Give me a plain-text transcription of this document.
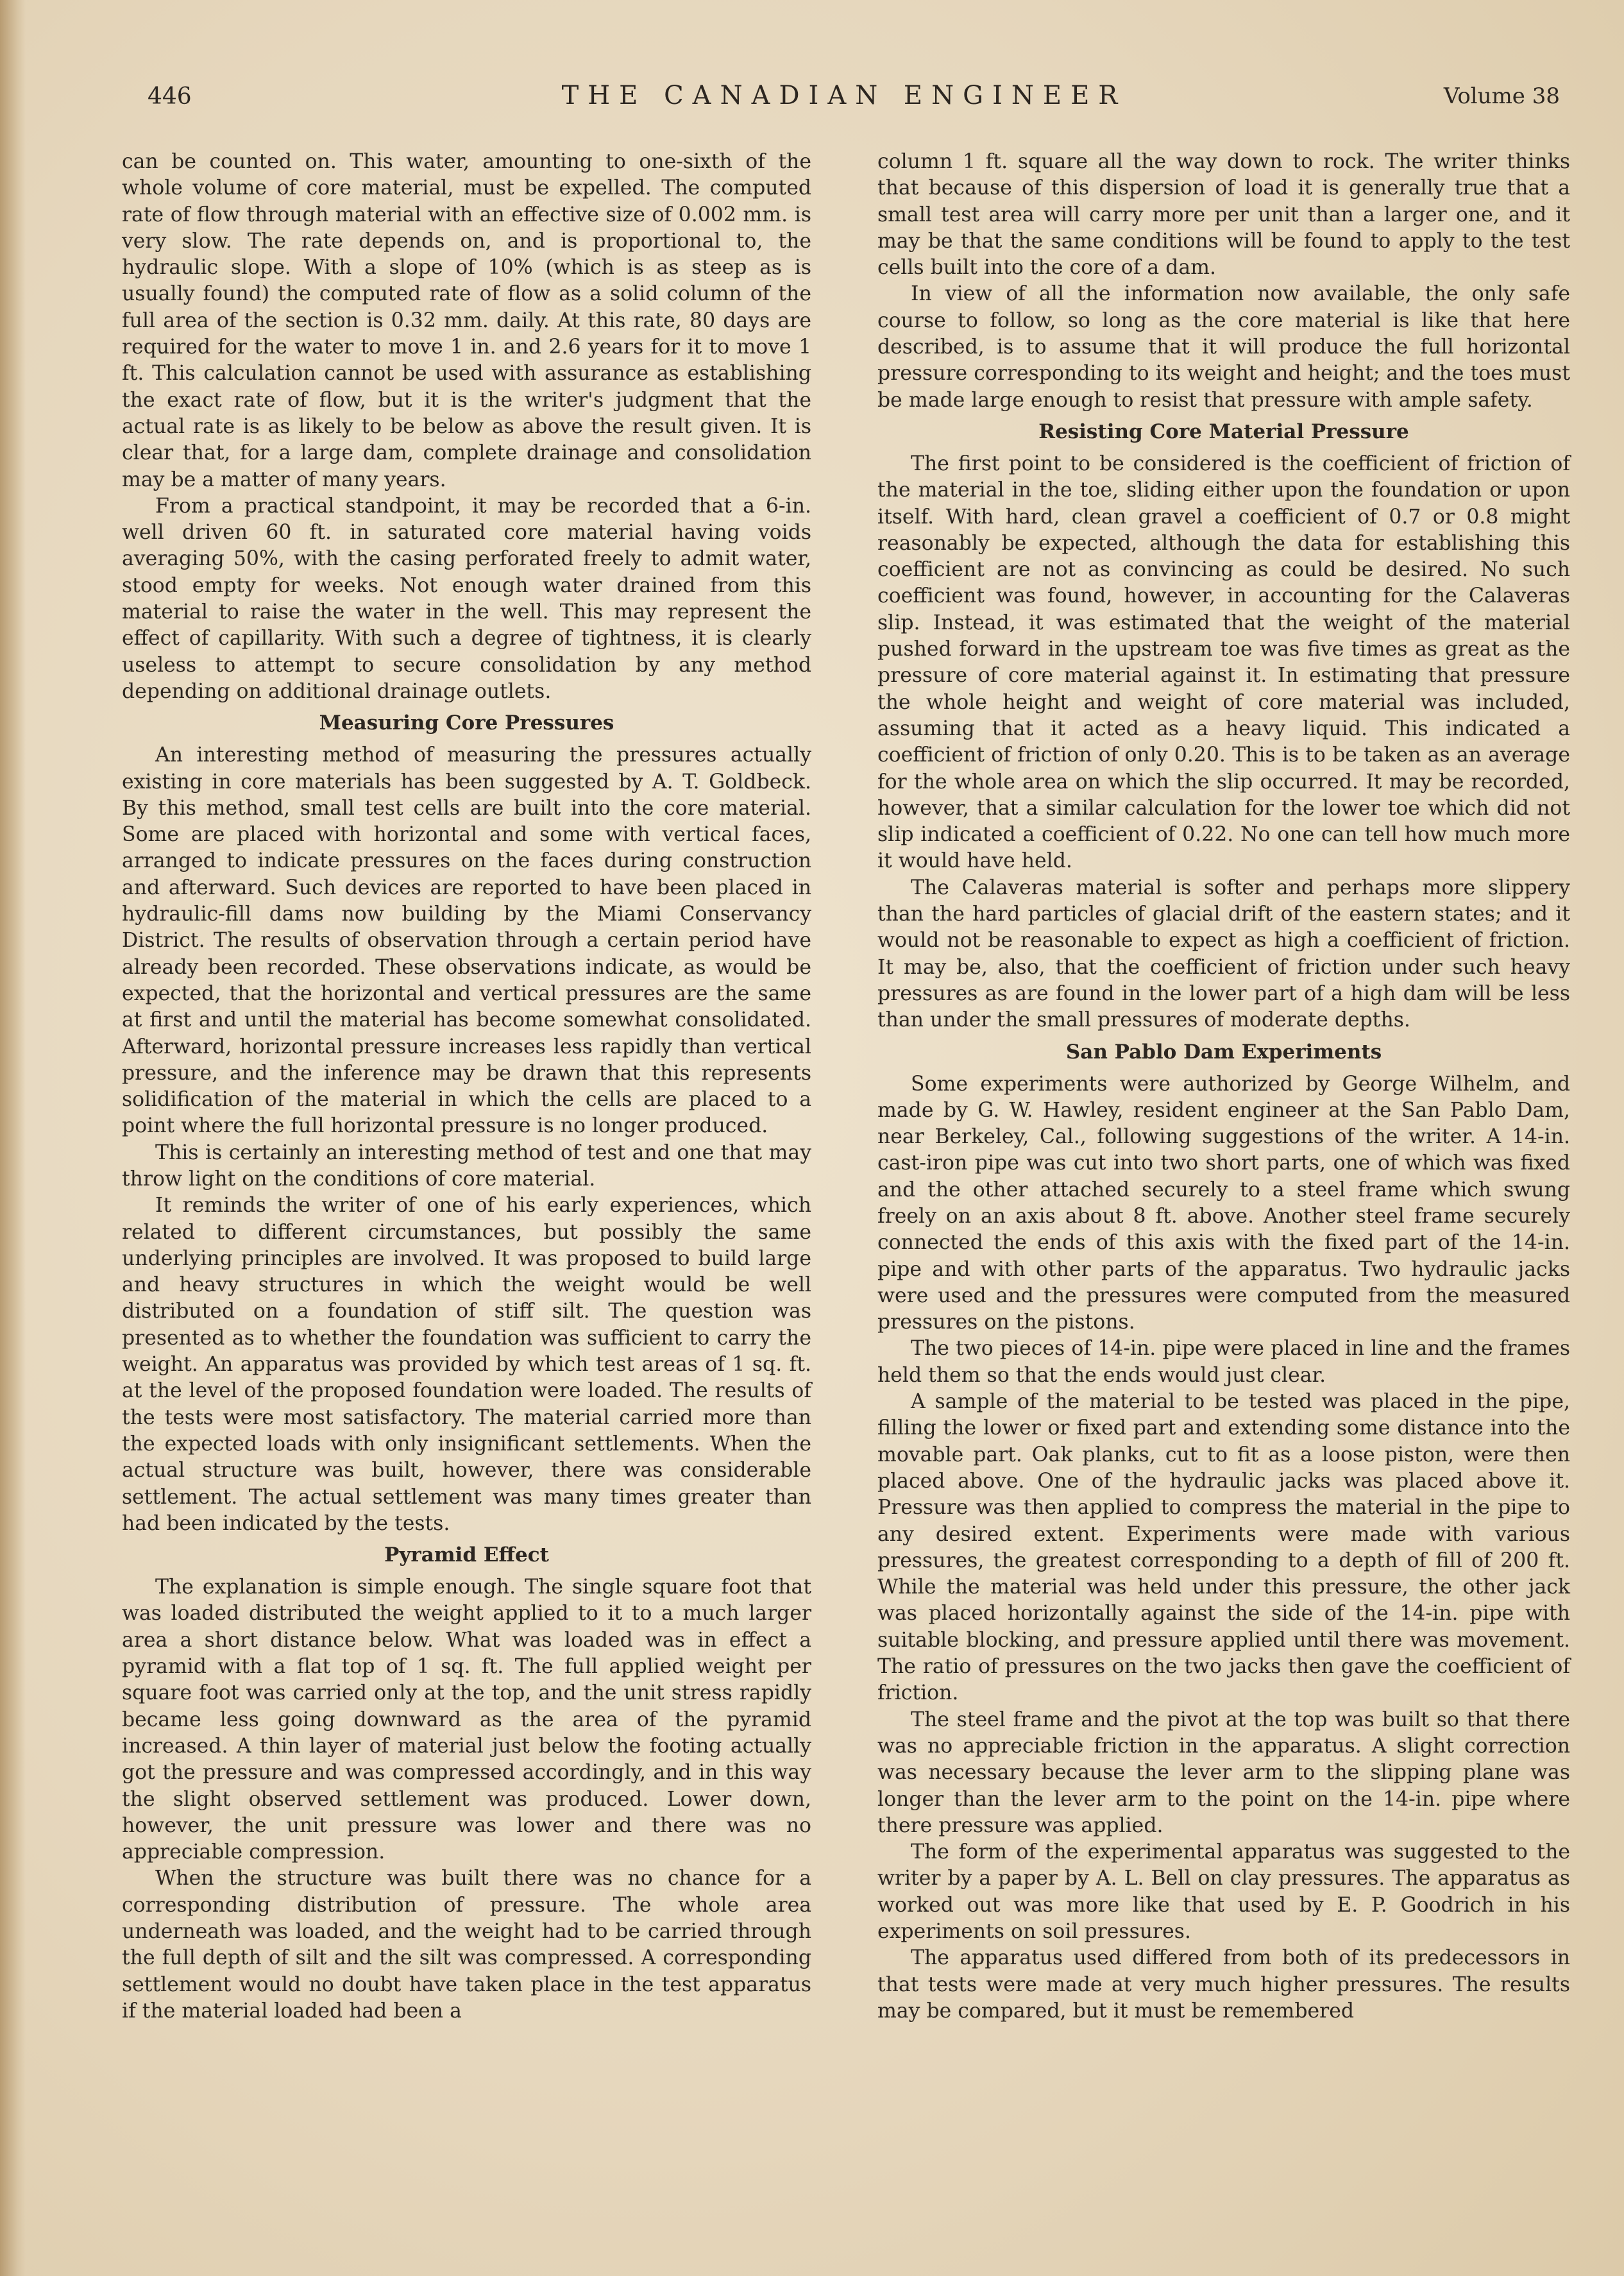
446	THE CANADIAN ENGINEER	Volume 38

can be counted on. This water, amounting to one-sixth of the whole volume of core material, must be expelled. The computed rate of flow through material with an effective size of 0.002 mm. is very slow. The rate depends on, and is proportional to, the hydraulic slope. With a slope of 10% (which is as steep as is usually found) the computed rate of flow as a solid column of the full area of the section is 0.32 mm. daily. At this rate, 80 days are required for the water to move 1 in. and 2.6 years for it to move 1 ft. This calculation cannot be used with assurance as establishing the exact rate of flow, but it is the writer's judgment that the actual rate is as likely to be below as above the result given. It is clear that, for a large dam, complete drainage and consolidation may be a matter of many years.

From a practical standpoint, it may be recorded that a 6-in. well driven 60 ft. in saturated core material having voids averaging 50%, with the casing perforated freely to admit water, stood empty for weeks. Not enough water drained from this material to raise the water in the well. This may represent the effect of capillarity. With such a degree of tightness, it is clearly useless to attempt to secure consolidation by any method depending on additional drainage outlets.

Measuring Core Pressures

An interesting method of measuring the pressures actually existing in core materials has been suggested by A. T. Goldbeck. By this method, small test cells are built into the core material. Some are placed with horizontal and some with vertical faces, arranged to indicate pressures on the faces during construction and afterward. Such devices are reported to have been placed in hydraulic-fill dams now building by the Miami Conservancy District. The results of observation through a certain period have already been recorded. These observations indicate, as would be expected, that the horizontal and vertical pressures are the same at first and until the material has become somewhat consolidated. Afterward, horizontal pressure increases less rapidly than vertical pressure, and the inference may be drawn that this represents solidification of the material in which the cells are placed to a point where the full horizontal pressure is no longer produced.

This is certainly an interesting method of test and one that may throw light on the conditions of core material.

It reminds the writer of one of his early experiences, which related to different circumstances, but possibly the same underlying principles are involved. It was proposed to build large and heavy structures in which the weight would be well distributed on a foundation of stiff silt. The question was presented as to whether the foundation was sufficient to carry the weight. An apparatus was provided by which test areas of 1 sq. ft. at the level of the proposed foundation were loaded. The results of the tests were most satisfactory. The material carried more than the expected loads with only insignificant settlements. When the actual structure was built, however, there was considerable settlement. The actual settlement was many times greater than had been indicated by the tests.

Pyramid Effect

The explanation is simple enough. The single square foot that was loaded distributed the weight applied to it to a much larger area a short distance below. What was loaded was in effect a pyramid with a flat top of 1 sq. ft. The full applied weight per square foot was carried only at the top, and the unit stress rapidly became less going downward as the area of the pyramid increased. A thin layer of material just below the footing actually got the pressure and was compressed accordingly, and in this way the slight observed settlement was produced. Lower down, however, the unit pressure was lower and there was no appreciable compression.

When the structure was built there was no chance for a corresponding distribution of pressure. The whole area underneath was loaded, and the weight had to be carried through the full depth of silt and the silt was compressed. A corresponding settlement would no doubt have taken place in the test apparatus if the material loaded had been a

column 1 ft. square all the way down to rock. The writer thinks that because of this dispersion of load it is generally true that a small test area will carry more per unit than a larger one, and it may be that the same conditions will be found to apply to the test cells built into the core of a dam.

In view of all the information now available, the only safe course to follow, so long as the core material is like that here described, is to assume that it will produce the full horizontal pressure corresponding to its weight and height; and the toes must be made large enough to resist that pressure with ample safety.

Resisting Core Material Pressure

The first point to be considered is the coefficient of friction of the material in the toe, sliding either upon the foundation or upon itself. With hard, clean gravel a coefficient of 0.7 or 0.8 might reasonably be expected, although the data for establishing this coefficient are not as convincing as could be desired. No such coefficient was found, however, in accounting for the Calaveras slip. Instead, it was estimated that the weight of the material pushed forward in the upstream toe was five times as great as the pressure of core material against it. In estimating that pressure the whole height and weight of core material was included, assuming that it acted as a heavy liquid. This indicated a coefficient of friction of only 0.20. This is to be taken as an average for the whole area on which the slip occurred. It may be recorded, however, that a similar calculation for the lower toe which did not slip indicated a coefficient of 0.22. No one can tell how much more it would have held.

The Calaveras material is softer and perhaps more slippery than the hard particles of glacial drift of the eastern states; and it would not be reasonable to expect as high a coefficient of friction. It may be, also, that the coefficient of friction under such heavy pressures as are found in the lower part of a high dam will be less than under the small pressures of moderate depths.

San Pablo Dam Experiments

Some experiments were authorized by George Wilhelm, and made by G. W. Hawley, resident engineer at the San Pablo Dam, near Berkeley, Cal., following suggestions of the writer. A 14-in. cast-iron pipe was cut into two short parts, one of which was fixed and the other attached securely to a steel frame which swung freely on an axis about 8 ft. above. Another steel frame securely connected the ends of this axis with the fixed part of the 14-in. pipe and with other parts of the apparatus. Two hydraulic jacks were used and the pressures were computed from the measured pressures on the pistons.

The two pieces of 14-in. pipe were placed in line and the frames held them so that the ends would just clear.

A sample of the material to be tested was placed in the pipe, filling the lower or fixed part and extending some distance into the movable part. Oak planks, cut to fit as a loose piston, were then placed above. One of the hydraulic jacks was placed above it. Pressure was then applied to compress the material in the pipe to any desired extent. Experiments were made with various pressures, the greatest corresponding to a depth of fill of 200 ft. While the material was held under this pressure, the other jack was placed horizontally against the side of the 14-in. pipe with suitable blocking, and pressure applied until there was movement. The ratio of pressures on the two jacks then gave the coefficient of friction.

The steel frame and the pivot at the top was built so that there was no appreciable friction in the apparatus. A slight correction was necessary because the lever arm to the slipping plane was longer than the lever arm to the point on the 14-in. pipe where there pressure was applied.

The form of the experimental apparatus was suggested to the writer by a paper by A. L. Bell on clay pressures. The apparatus as worked out was more like that used by E. P. Goodrich in his experiments on soil pressures.

The apparatus used differed from both of its predecessors in that tests were made at very much higher pressures. The results may be compared, but it must be remembered
